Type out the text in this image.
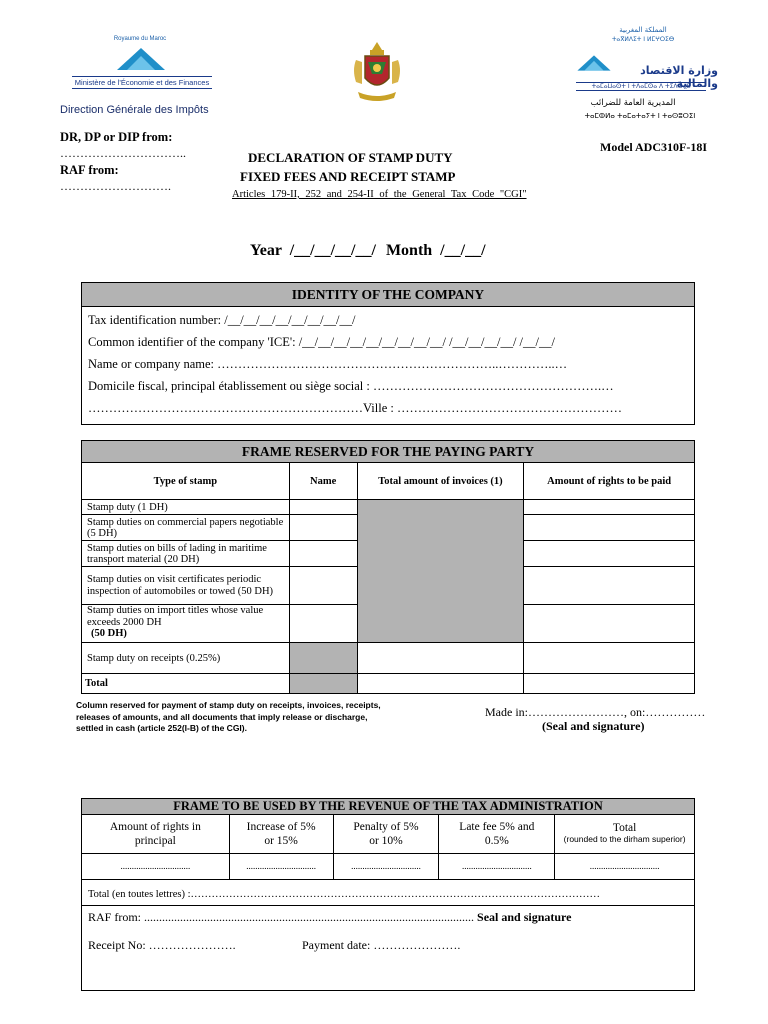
Royaume du Maroc
Ministère de l'Économie et des Finances
Direction Générale des Impôts
المملكة المغربية
ⵜⴰⴳⵍⴷⵉⵜ ⵏ ⵍⵎⵖⵔⵉⴱ
وزارة الاقتصاد والمالية
ⵜⴰⵎⴰⵡⴰⵙⵜ ⵏ ⵜⴷⴰⵎⵙⴰ ⴷ ⵜⵉⴷⵔⴰⵎ
المديرية العامة للضرائب
ⵜⴰⵎⵀⵍⴰ ⵜⴰⵎⴰⵜⴰⵢⵜ ⵏ ⵜⴰⵙⵓⵔⵉⵏ
DR, DP or DIP from:
…………………………..
RAF from:
……………………….
Model ADC310F-18I
DECLARATION OF STAMP DUTY
FIXED FEES AND RECEIPT STAMP
Articles 179-II, 252 and 254-II of the General Tax Code "CGI"
Year /__/__/__/__/ Month /__/__/
IDENTITY OF THE COMPANY
Tax identification number: /__/__/__/__/__/__/__/__/
Common identifier of the company 'ICE': /__/__/__/__/__/__/__/__/__/ /__/__/__/__/ /__/__/
Name or company name: …………………………………………………………..…………..…
Domicile fiscal, principal établissement ou siège social : ……………………………………………….…
…………………………………………………………Ville : ………………………………………………
FRAME RESERVED FOR THE PAYING PARTY
Type of stamp	Name	Total amount of invoices (1)	Amount of rights to be paid
Stamp duty (1 DH)			
Stamp duties on commercial papers negotiable (5 DH)			
Stamp duties on bills of lading in maritime transport material (20 DH)			
Stamp duties on visit certificates periodic inspection of automobiles or towed (50 DH)			
Stamp duties on import titles whose value exceeds 2000 DH
(50 DH)			
Stamp duty on receipts (0.25%)			
Total			
Column reserved for payment of stamp duty on receipts, invoices, receipts, releases of amounts, and all documents that imply release or discharge, settled in cash (article 252(I-B) of the CGI).
Made in:……………………, on:……………
(Seal and signature)
FRAME TO BE USED BY THE REVENUE OF THE TAX ADMINISTRATION
Amount of rights in principal	Increase of 5% or 15%	Penalty of 5% or 10%	Late fee 5% and 0.5%	Total
(rounded to the dirham superior)

...............................	...............................	...............................	...............................	...............................
Total (en toutes lettres) :………………………………………………………………………………………………………
RAF from: .............................................................................................................. Seal and signature
Receipt No: ………………….	Payment date: ………………….
